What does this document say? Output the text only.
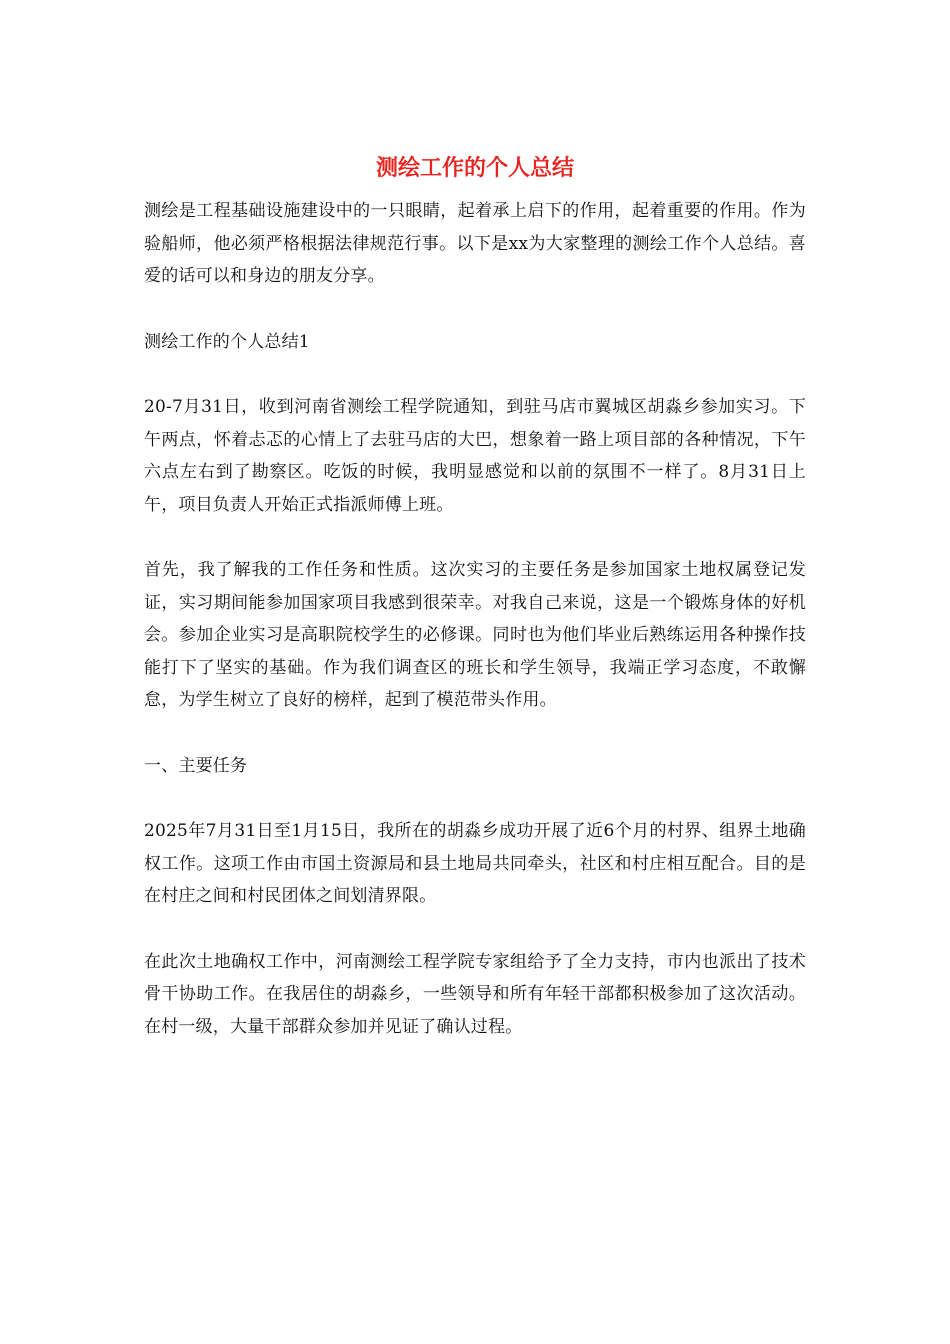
测绘工作的个人总结

测绘是工程基础设施建设中的一只眼睛，起着承上启下的作用，起着重要的作用。作为验船师，他必须严格根据法律规范行事。以下是xx为大家整理的测绘工作个人总结。喜爱的话可以和身边的朋友分享。

测绘工作的个人总结1

20-7月31日，收到河南省测绘工程学院通知，到驻马店市翼城区胡淼乡参加实习。下午两点，怀着忐忑的心情上了去驻马店的大巴，想象着一路上项目部的各种情况，下午六点左右到了勘察区。吃饭的时候，我明显感觉和以前的氛围不一样了。8月31日上午，项目负责人开始正式指派师傅上班。

首先，我了解我的工作任务和性质。这次实习的主要任务是参加国家土地权属登记发证，实习期间能参加国家项目我感到很荣幸。对我自己来说，这是一个锻炼身体的好机会。参加企业实习是高职院校学生的必修课。同时也为他们毕业后熟练运用各种操作技能打下了坚实的基础。作为我们调查区的班长和学生领导，我端正学习态度，不敢懈怠，为学生树立了良好的榜样，起到了模范带头作用。

一、主要任务

2025年7月31日至1月15日，我所在的胡淼乡成功开展了近6个月的村界、组界土地确权工作。这项工作由市国土资源局和县土地局共同牵头，社区和村庄相互配合。目的是在村庄之间和村民团体之间划清界限。

在此次土地确权工作中，河南测绘工程学院专家组给予了全力支持，市内也派出了技术骨干协助工作。在我居住的胡淼乡，一些领导和所有年轻干部都积极参加了这次活动。在村一级，大量干部群众参加并见证了确认过程。
